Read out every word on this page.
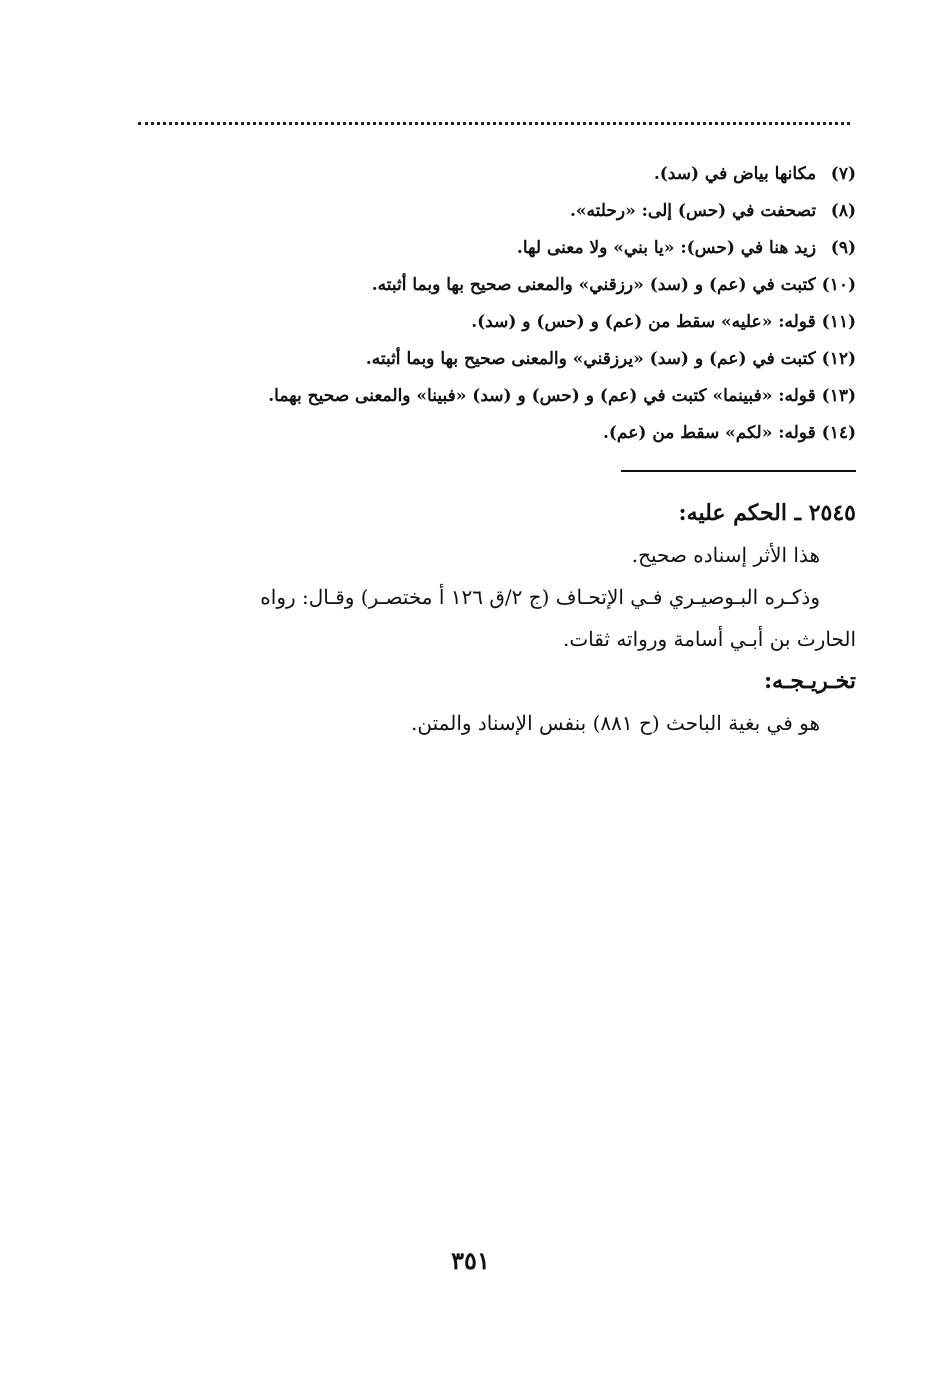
(٧) مكانها بياض في (سد).
(٨) تصحفت في (حس) إلى: «رحلته».
(٩) زيد هنا في (حس): «يا بني» ولا معنى لها.
(١٠) كتبت في (عم) و (سد) «رزقني» والمعنى صحيح بها وبما أثبته.
(١١) قوله: «عليه» سقط من (عم) و (حس) و (سد).
(١٢) كتبت في (عم) و (سد) «يرزقني» والمعنى صحيح بها وبما أثبته.
(١٣) قوله: «فبينما» كتبت في (عم) و (حس) و (سد) «فبينا» والمعنى صحيح بهما.
(١٤) قوله: «لكم» سقط من (عم).
٢٥٤٥ ـ الحكم عليه:
هذا الأثر إسناده صحيح.
وذكـره البـوصيـري فـي الإتحـاف (ج ٢/ق ١٢٦ أ مختصـر) وقـال: رواه
الحارث بن أبـي أسامة ورواته ثقات.
تخـريـجـه:
هو في بغية الباحث (ح ٨٨١) بنفس الإسناد والمتن.
٣٥١
